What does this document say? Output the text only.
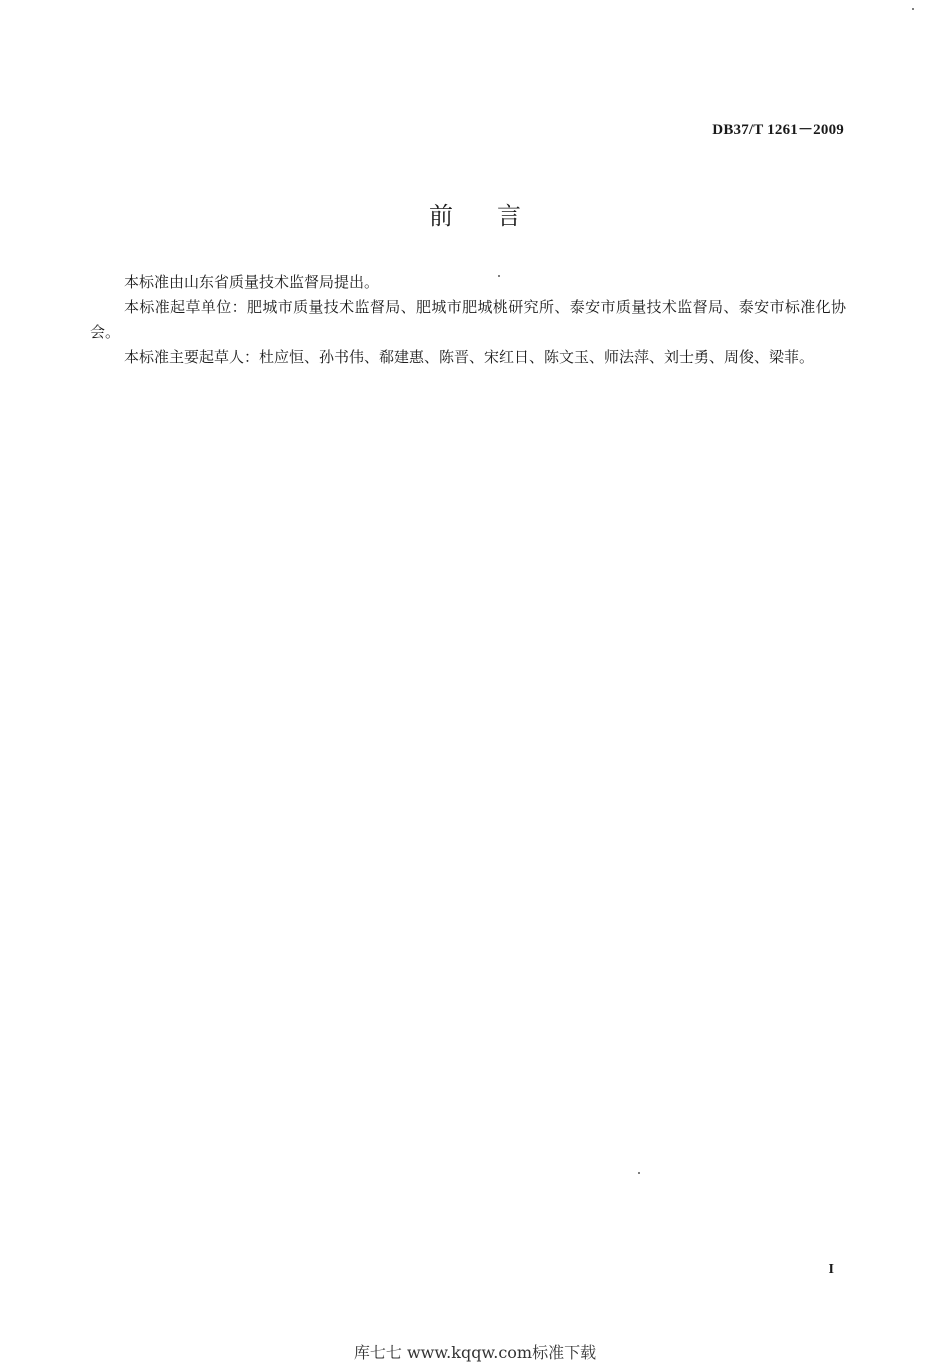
DB37/T 1261－2009
前言

本标准由山东省质量技术监督局提出。

本标准起草单位：肥城市质量技术监督局、肥城市肥城桃研究所、泰安市质量技术监督局、泰安市标准化协会。

本标准主要起草人：杜应恒、孙书伟、郗建惠、陈晋、宋红日、陈文玉、师法萍、刘士勇、周俊、梁菲。

I
库七七 www.kqqw.com标准下载
